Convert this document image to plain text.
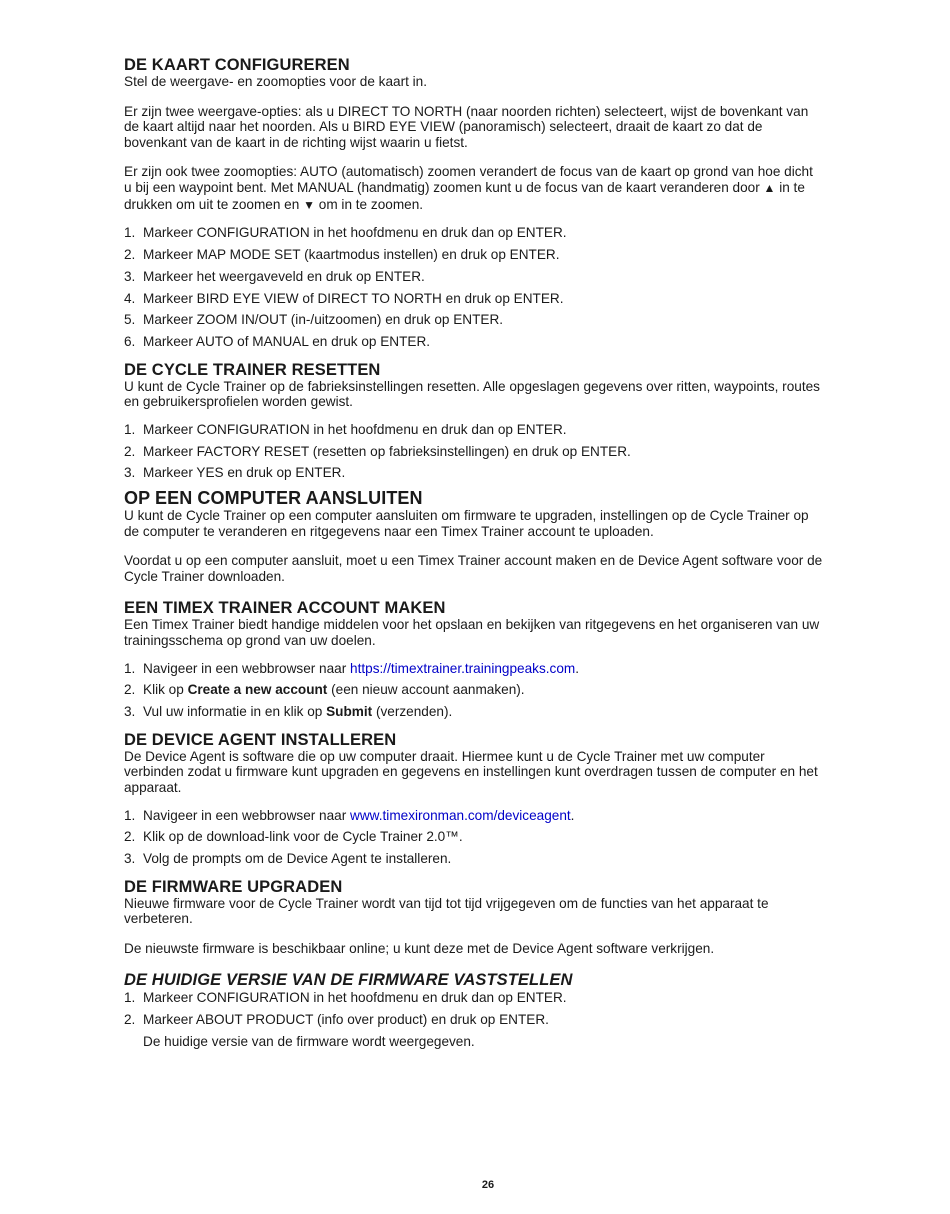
DE KAART CONFIGUREREN

Stel de weergave- en zoomopties voor de kaart in.

Er zijn twee weergave-opties: als u DIRECT TO NORTH (naar noorden richten) selecteert, wijst de bovenkant van de kaart altijd naar het noorden. Als u BIRD EYE VIEW (panoramisch) selecteert, draait de kaart zo dat de bovenkant van de kaart in de richting wijst waarin u fietst.

Er zijn ook twee zoomopties: AUTO (automatisch) zoomen verandert de focus van de kaart op grond van hoe dicht u bij een waypoint bent. Met MANUAL (handmatig) zoomen kunt u de focus van de kaart veranderen door ▲ in te drukken om uit te zoomen en ▼ om in te zoomen.

1. Markeer CONFIGURATION in het hoofdmenu en druk dan op ENTER.
2. Markeer MAP MODE SET (kaartmodus instellen) en druk op ENTER.
3. Markeer het weergaveveld en druk op ENTER.
4. Markeer BIRD EYE VIEW of DIRECT TO NORTH en druk op ENTER.
5. Markeer ZOOM IN/OUT (in-/uitzoomen) en druk op ENTER.
6. Markeer AUTO of MANUAL en druk op ENTER.
DE CYCLE TRAINER RESETTEN

U kunt de Cycle Trainer op de fabrieksinstellingen resetten. Alle opgeslagen gegevens over ritten, waypoints, routes en gebruikersprofielen worden gewist.

1. Markeer CONFIGURATION in het hoofdmenu en druk dan op ENTER.
2. Markeer FACTORY RESET (resetten op fabrieksinstellingen) en druk op ENTER.
3. Markeer YES en druk op ENTER.
OP EEN COMPUTER AANSLUITEN

U kunt de Cycle Trainer op een computer aansluiten om firmware te upgraden, instellingen op de Cycle Trainer op de computer te veranderen en ritgegevens naar een Timex Trainer account te uploaden.

Voordat u op een computer aansluit, moet u een Timex Trainer account maken en de Device Agent software voor de Cycle Trainer downloaden.

EEN TIMEX TRAINER ACCOUNT MAKEN

Een Timex Trainer biedt handige middelen voor het opslaan en bekijken van ritgegevens en het organiseren van uw trainingsschema op grond van uw doelen.

1. Navigeer in een webbrowser naar https://timextrainer.trainingpeaks.com.
2. Klik op Create a new account (een nieuw account aanmaken).
3. Vul uw informatie in en klik op Submit (verzenden).
DE DEVICE AGENT INSTALLEREN

De Device Agent is software die op uw computer draait. Hiermee kunt u de Cycle Trainer met uw computer verbinden zodat u firmware kunt upgraden en gegevens en instellingen kunt overdragen tussen de computer en het apparaat.

1. Navigeer in een webbrowser naar www.timexironman.com/deviceagent.
2. Klik op de download-link voor de Cycle Trainer 2.0™.
3. Volg de prompts om de Device Agent te installeren.
DE FIRMWARE UPGRADEN

Nieuwe firmware voor de Cycle Trainer wordt van tijd tot tijd vrijgegeven om de functies van het apparaat te verbeteren.

De nieuwste firmware is beschikbaar online; u kunt deze met de Device Agent software verkrijgen.

DE HUIDIGE VERSIE VAN DE FIRMWARE VASTSTELLEN
1. Markeer CONFIGURATION in het hoofdmenu en druk dan op ENTER.
2. Markeer ABOUT PRODUCT (info over product) en druk op ENTER.
De huidige versie van de firmware wordt weergegeven.
26
